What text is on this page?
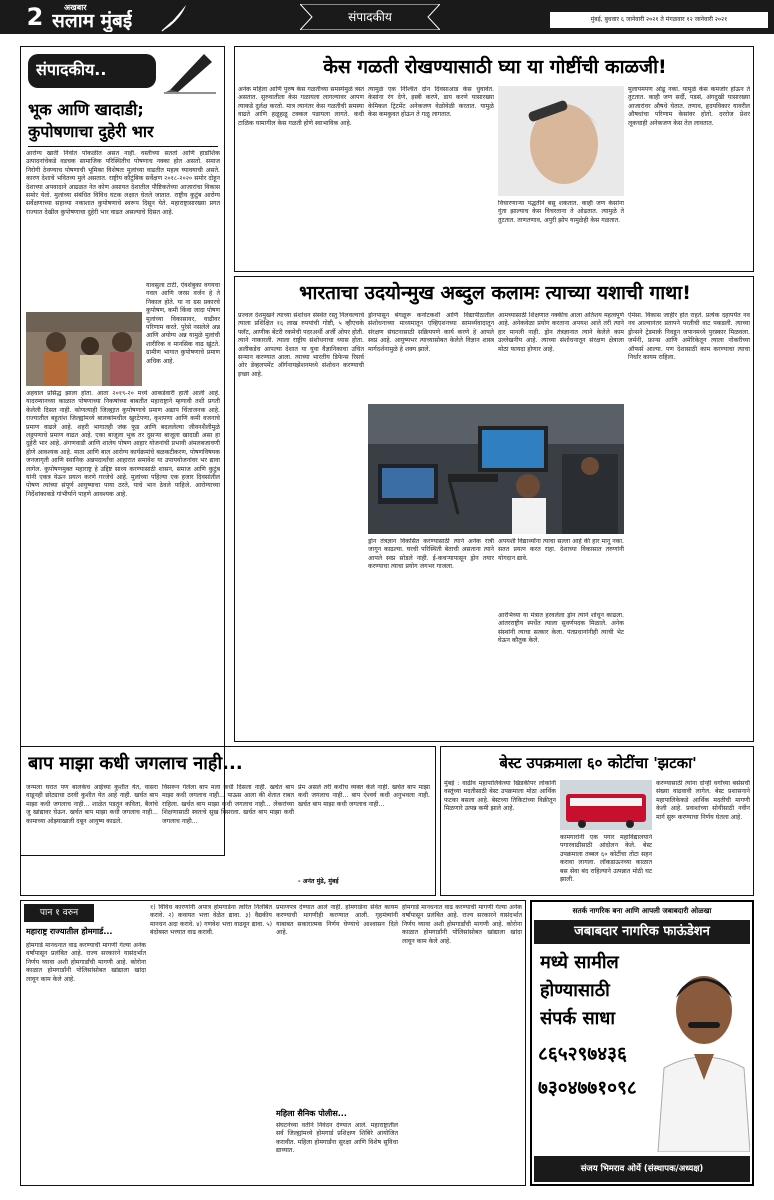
2	अखबार
सलाम मुंबई	संपादकीय	मुंबई, बुधवार ६ जानेवारी २०२१ ते मंगळवार १२ जानेवारी २०२१
संपादकीय..
भूक आणि खादाडी;
कुपोषणाचा दुहेरी भार
आरोग्य खाती निर्वात पोकळीत असत नाही. वस्तीच्या सततो आणि हाडांशिक उत्पादनांचेकडे वडचक सामाजिक परिस्थितीच पोषणाच नक्का होत असतो. समाज निरोगी ठेवण्याच पोषणाची भूमिका विशेषतः मुलांच्या वाढतीत महत्व घ्यावयाची असते. कारण देशाचे भवितव्य मुले असतात. राष्ट्रीय कौटुंबिक सर्वेक्षण २०१८-२०२० समोर दोहून देशाच्या अपवादाने आढळत नेत कोण असायत देशातील पौष्टिकतेच्या आजारांचा विकास समोर येतो. मुलांच्या संबंधित विविध घटक लक्षात घेतले जातात. राष्ट्रीय कुटुंब आरोग्य सर्वेक्षणाच्या सहाव्या नकाशात कुपोषणाचे स्वरूप दिसून येते. महाराष्ट्रासारख्या प्रगत राज्यात देखील कुपोषणाचा दुहेरी भार वाढत असल्याचे दिसत आहे.
यावसुला टाटी, ऐवशेंबुका वगयचा गवल आणि जरस वर्जन हे ते निकाल होते. या ना ग्रस प्रकारचे कुपोषण, कमी किंवा जादा पोषण मुलांच्या विकासावर, वाढीवर परिणाम करते. पुरेसे नसलेले अन्न आणि अयोग्य अन्न यामुळे मुलांची शारीरिक व मानसिक वाढ खुंटते. ग्रामीण भागात कुपोषणाचे प्रमाण अधिक आहे.
अहवाल प्रसिद्ध झाला होता. आता २०१९-२० मध्ये आकडेवारी हाती आली आहे. यादरम्यानच्या काळात पोषणाच्या निकषांच्या बाबतीत महाराष्ट्राने म्हणावी तशी प्रगती केलेली दिसत नाही. कोणत्याही जिल्ह्यात कुपोषणाचे प्रमाण अद्याप चिंताजनक आहे. राज्यातील बहुतांश जिल्ह्यांमध्ये बालकांमधील खुरटेपणा, कृशपणा आणि कमी वजनाचे प्रमाण वाढले आहे. शहरी भागातही जंक फूड आणि बदललेल्या जीवनशैलीमुळे लठ्ठपणाचे प्रमाण वाढत आहे. एका बाजूला भूक तर दुसऱ्या बाजूला खादाडी असा हा दुहेरी भार आहे. अंगणवाडी आणि शालेय पोषण आहार योजनांची प्रभावी अंमलबजावणी होणे आवश्यक आहे. माता आणि बाल आरोग्य कार्यक्रमांचे बळकटीकरण, पोषणविषयक जनजागृती आणि स्थानिक अन्नपदार्थांचा आहारात समावेश या उपाययोजनांवर भर द्यावा लागेल. कुपोषणमुक्त महाराष्ट्र हे उद्दिष्ट साध्य करण्यासाठी शासन, समाज आणि कुटुंब यांनी एकत्र येऊन प्रयत्न करणे गरजेचे आहे. मुलांच्या पहिल्या एक हजार दिवसांतील पोषण त्यांच्या संपूर्ण आयुष्याचा पाया ठरते, याचे भान ठेवले पाहिजे. आरोग्याच्या निर्देशांकाकडे गांभीर्याने पाहणे आवश्यक आहे.
केस गळती रोखण्यासाठी घ्या या गोष्टींची काळजी!
अनेक महिला आणि पुरुष केस गळतीच्या समस्येमुळे त्रस्त असतात. सुरुवातीला केस गळायला लागल्यावर आपण त्याकडे दुर्लक्ष करतो. मात्र त्यानंतर केस गळतीची समस्या वाढते आणि हळूहळू टक्कल पडायला लागते. कधी टाळिक यामागील केस गळती होणे स्वाभाविक आहे.
त्यामुळे एक निश्चित दोन दिवसाआड केस धुवावेत. केसांना रंग देणे, इस्त्री करणे, डाय करणे यासारख्या केमिकल ट्रिटमेंट अनेकजण वेळोवेळी करतात. यामुळे केस कमकुवत होऊन ते गळू लागतात.
विचारणार्‍या पद्धतीने बसु शकतात. काही जण केसांना गुंता झाल्याच केस विचरताना ते ओढतात. त्यामुळे ते तुटतात. ताणतणाव, अपुरी झोप यामुळेही केस गळतात.
मुलायमपण ओढू नका. यामुळे केस कमजोर होऊन ते तुटतात. काही जण सर्दी, पडसं, अंगदुखी यासारख्या आजारांवर औषधे घेतात. तणाव, हृदयविकार यावरील औषधांचा परिणाम केसांवर होतो. दररोज प्रेशर लूकचाही अनेकजण केस तेल लावतात.
भारताचा उदयोन्मुख अब्दुल कलामः त्याच्या यशाची गाथा!
प्रज्वल देशमुखने त्याच्या संशोधन संस्थेत रस्तु निलवल्याचे त्याला प्रशिक्षित १६ लाख रुपयांची गोष्टी, ५ व्हीएचके फ्लॅट, आणीक बेंटरी रकमेची पदरअर्थी अर्जी ओपर होती. त्याने नाकारली. त्याला राष्ट्रीय संशोधनाचा ध्यास होता. अलीकडेच आपल्या देशात या युवा वैज्ञानिकाचा उचित सन्मान करण्यात आला. त्याच्या भारतीय डिफेन्स रिसर्च ओर डेव्हलपमेंट ऑर्गनायझेशनमध्ये संशोधन करण्याची इच्छा आहे.
ड्रोनपासून बंगळूरू कर्नाटकशी आणि विद्यापीठातील संशोधनाच्या माध्यमातून एव्हिएशनच्या सामर्थ्यवादातून संरक्षण संघटनासाठी सक्रियपणे कार्य करणे हे आपले स्वप्न आहे. आयुष्यभर त्याच्यासोबत केलेले विज्ञान शास्त्र मार्गदर्शनामुळे हे शक्य झाले.
आमच्यासाठी शिक्षणात नक्कीच आला अतिशय महत्वपूर्ण आहे. अनेकवेळा प्रयोग करताना अपयश आले तरी त्याने हार मानली नाही. ड्रोन तंत्रज्ञानात त्याने केलेले काम उल्लेखनीय आहे. त्याच्या संशोधनातून संरक्षण क्षेत्राला मोठा फायदा होणार आहे.
ऐमेसा. विकास जाहीर होत राहते. प्रत्येक दहापर्यंत नव नव आल्यानंतर प्रतापने परतीची वाट पकडली. त्याच्या ड्रोन्सने ट्रेडमार्क निवडून जपानमध्ये पुरस्कार मिळवला. जर्मनी, फ्रान्स आणि अमेरिकेतून त्याला नोकरीच्या ऑफर्स आल्या. पण देशासाठी काम करण्याचा त्याचा निर्धार कायम राहिला.
ड्रोन तंत्रज्ञान विकसित करण्यासाठी त्याने अनेक रात्री जागून काढल्या. घरची परिस्थिती बेताची असताना त्याने आपले स्वप्न सोडले नाही. ई-कचऱ्यापासून ड्रोन तयार करण्याचा त्याचा प्रयोग जगभर गाजला.
अपयशी विद्यार्थ्यांना त्याचा सल्ला आहे की हार मानू नका. सतत प्रयत्न करत राहा. देशाच्या विकासात तरुणांनी योगदान द्यावे.
आरंभिच्या या मंत्रात हरवलेला ड्रोन त्याने शोधून काढला. आंतरराष्ट्रीय स्पर्धेत त्याला सुवर्णपदक मिळाले. अनेक संस्थांनी त्याचा सत्कार केला. पंतप्रधानांनीही त्याची भेट घेऊन कौतुक केले.
बाप माझा कधी जगलाच नाही...
जन्मला घरात पण बालकेच आईच्या कुशीत येत, वासरा वाडूनही छोट्याचा ठरवी कुशीत येत आहे नाही. खर्चत बाप माझा कधी जगलाच नाही... शाळेत पडतून कविता, बैलांचे जु खांद्यावर घेऊन. खर्चत बाप माझा कधी जगलाच नाही... कामाच्या ओझ्याखाली दबून आयुष्य काढले.
विसरून गेलेला बाप मला कधी दिसला नाही. खर्चत बाप माझा कधी जगलाच नाही... पाऊस आला की शेतात राबत राहिला. खर्चत बाप माझा कधी जगलाच नाही... लेकरांच्या शिक्षणासाठी स्वतःचे सुख विसरला. खर्चत बाप माझा कधी जगलाच नाही...
प्रेम असले तरी कधीच व्यक्त केले नाही. खर्चत बाप माझा कधी जगलाच नाही... बाप ऐश्वर्य कधी अनुभवला नाही. खर्चत बाप माझा कधी जगलाच नाही...
- अनंत मुंढे, मुंबई
बेस्ट उपक्रमाला ६० कोटींचा 'झटका'
मुंबई : वाढीव महापालिकेच्या खिडकीपर लोकांनी वस्तूंच्या मदतीसाठी बेस्ट उपक्रमाला मोठा आर्थिक फटका बसला आहे. बेस्टच्या तिकिटांच्या विक्रीतून मिळणारे उत्पन्न कमी झाले आहे.
कामगारांनी एक पगार महाविद्यालयाने पगारवाढीसाठी आंदोलन केले. बेस्ट उपक्रमाला तब्बल ६० कोटींचा तोटा सहन करावा लागला. लॉकडाऊनच्या काळात बस सेवा बंद राहिल्याने उत्पन्नात मोठी घट झाली.
करण्यासाठी त्यांना दोन्ही वर्गांच्या बसेसची संख्या वाढवावी लागेल. बेस्ट प्रशासनाने महापालिकेकडे आर्थिक मदतीची मागणी केली आहे. प्रवाशांच्या सोयीसाठी नवीन मार्ग सुरू करण्याचा निर्णय घेतला आहे.
पान १ वरुन
महाराष्ट्र राज्यातील होमगार्ड...
होमगार्ड मानधनात वाढ करण्याची मागणी गेल्या अनेक वर्षांपासून प्रलंबित आहे. राज्य सरकारने यासंदर्भात निर्णय घ्यावा अशी होमगार्डांची मागणी आहे. कोरोना काळात होमगार्डांनी पोलिसांसोबत खांद्याला खांदा लावून काम केले आहे.
१) विविध कारणांनी अपात्र होमगार्डना त्वरित निलंबित करावे. २) कवायत भत्ता वेळेत द्यावा. ३) वैद्यकीय मानधन अदा करावे. ४) गणवेश भत्ता वाढवून द्यावा. ५) बंदोबस्त भत्त्यात वाढ करावी.
प्रमाणपत्र देण्यात आले नाही. होमगार्डना सेवेत कायम करण्याची मागणीही करण्यात आली. गृहमंत्र्यांनी याबाबत सकारात्मक निर्णय घेण्याचे आश्वासन दिले आहे.
महिला सैनिक पोलीस...
संघटनेच्या वतीने निवेदन देण्यात आले. महाराष्ट्रातील सर्व जिल्ह्यांमध्ये होमगार्ड प्रशिक्षण शिबिरे आयोजित करावीत. महिला होमगार्डंना सुरक्षा आणि विशेष सुविधा द्याव्यात.
होमगार्ड मानधनात वाढ करण्याची मागणी गेल्या अनेक वर्षांपासून प्रलंबित आहे. राज्य सरकारने यासंदर्भात निर्णय घ्यावा अशी होमगार्डांची मागणी आहे. कोरोना काळात होमगार्डांनी पोलिसांसोबत खांद्याला खांदा लावून काम केले आहे.
सतर्क नागरिक बना आणि आपली जबाबदारी ओळखा
जबाबदार नागरिक फाऊंडेशन
मध्ये सामील
होण्यासाठी
संपर्क साधा
८६५२९७४३६
७३०४७७१०९८
संजय भिमराव ओर्ये (संस्थापक/अध्यक्ष)
